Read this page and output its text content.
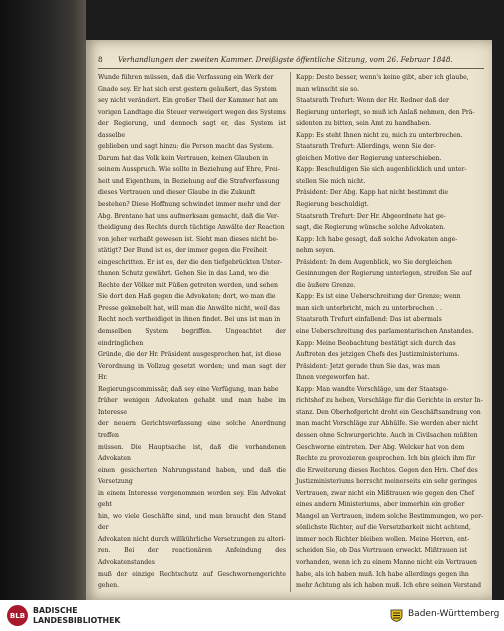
8 Verhandlungen der zweiten Kammer. Dreißigste öffentliche Sitzung, vom 26. Februar 1848.

Wunde führen müssen, daß die Verfassung ein Werk der

Gnade sey. Er hat sich erst gestern geäußert, das System

sey nicht verändert. Ein großer Theil der Kammer hat am

vorigen Landtage die Steuer verweigert wegen des Systems

der Regierung, und dennoch sagt er, das System ist dasselbe

geblieben und sagt hinzu: die Person macht das System.

Darum hat das Volk kein Vertrauen, keinen Glauben in

seinem Ausspruch. Wie sollte in Beziehung auf Ehre, Frei-

heit und Eigenthum, in Beziehung auf die Strafverfassung

dieses Vertrauen und dieser Glaube in die Zukunft

bestehen? Diese Hoffnung schwindet immer mehr und der

Abg. Brentano hat uns aufmerksam gemacht, daß die Ver-

theidigung des Rechts durch tüchtige Anwälte der Reaction

von jeher verhaßt gewesen ist. Sieht man dieses nicht be-

stätigt? Der Bund ist es, der immer gegen die Freiheit

eingeschritten. Er ist es, der die den tiefgebrückten Unter-

thanen Schutz gewährt. Gehen Sie in das Land, wo die

Rechte der Völker mit Füßen getreten werden, und sehen

Sie dort den Haß gegen die Advokaten; dort, wo man die

Presse geknebelt hat, will man die Anwälte nicht, weil das

Recht noch vertheidiget in ihnen findet. Bei uns ist man in

demselben System begriffen. Ungeachtet der eindringlichen

Gründe, die der Hr. Präsident ausgesprochen hat, ist diese

Verordnung in Vollzug gesetzt worden; und man sagt der Hr.

Regierungscommissär, daß sey eine Verfügung, man habe

früher wenigen Advokaten gehabt und man habe im Interesse

der neuern Gerichtsverfassung eine solche Anordnung treffen

müssen. Die Hauptsache ist, daß die vorhandenen Advokaten

einen gesicherten Nahrungsstand haben, und daß die Versetzung

in einem Interesse vorgenommen worden sey. Ein Advokat geht

hin, wo viele Geschäfte sind, und man braucht den Stand der

Advokaten nicht durch willkührliche Versetzungen zu alteri-

ren. Bei der reactionären Anfeindung des Advokatenstandes

muß der einzige Rechtschutz auf Geschwornengerichte gehen.

Kapp: Desto besser, wenn's keine gibt, aber ich glaube,

man wünscht sie so.

Staatsrath Trefurt: Wenn der Hr. Redner daß der

Regierung unterlegt, so muß ich Anlaß nehmen, den Prä-

sidenten zu bitten, sein Amt zu handhaben.

Kapp: Es steht Ihnen nicht zu, mich zu unterbrechen.

Staatsrath Trefurt: Allerdings, wenn Sie der-

gleichen Motive der Regierung unterschieben.

Kapp: Beschuldigen Sie sich augenblicklich und unter-

stellen Sie mich nicht.

Präsident: Der Abg. Kapp hat nicht bestimmt die

Regierung beschuldigt.

Staatsrath Trefurt: Der Hr. Abgeordnete hat ge-

sagt, die Regierung wünsche solche Advokaten.

Kapp: Ich habe gesagt, daß solche Advokaten ange-

nehm seyen.

Präsident: In dem Augenblick, wo Sie dergleichen

Gesinnungen der Regierung unterlegen, streifen Sie auf

die äußere Grenze.

Kapp: Es ist eine Ueberschreitung der Grenze; wenn

man sich unterbricht, mich zu unterbrechen . .

Staatsrath Trefurt einfallend: Das ist abermals

eine Ueberschreitung des parlamentarischen Anstandes.

Kapp: Meine Beobachtung bestätigt sich durch das

Auftreten des jetzigen Chefs des Justizministeriums.

Präsident: Jetzt gerade thun Sie das, was man

Ihnen vorgeworfen hat.

Kapp: Man wandte Vorschläge, um der Staatsge-

richtshof zu heben, Vorschläge für die Gerichte in erster In-

stanz. Den Oberhofgericht droht ein Geschäftsandrang von

man macht Vorschläge zur Abhülfe. Sie werden aber nicht

dessen ohne Schwurgerichte. Auch in Civilsachen müßten

Geschworne eintreten. Der Abg. Welcker hat von dem

Rechte zu provozieren gesprochen. Ich bin gleich ihm für

die Erweiterung dieses Rechtes. Gegen den Hrn. Chef des

Justizministeriums herrscht meinerseits ein sehr geringes

Vertrauen, zwar nicht ein Mißtrauen wie gegen den Chef

eines andern Ministeriums, aber immerhin ein großer

Mangel an Vertrauen, indem solche Bestimmungen, wo per-

sönlichste Richter, auf die Versetzbarkeit nicht achtend,

immer noch Richter bleiben wollen. Meine Herren, ent-

scheiden Sie, ob Das Vertrauen erweckt. Mißtrauen ist

vorhanden, wenn ich zu einem Manne nicht ein Vertrauen

habe, als ich haben muß. Ich habe allerdings gegen ihn

mehr Achtung als ich haben muß. Ich ehre seinen Verstand

BLB
BADISCHE
LANDESBIBLIOTHEK
Baden-Württemberg
